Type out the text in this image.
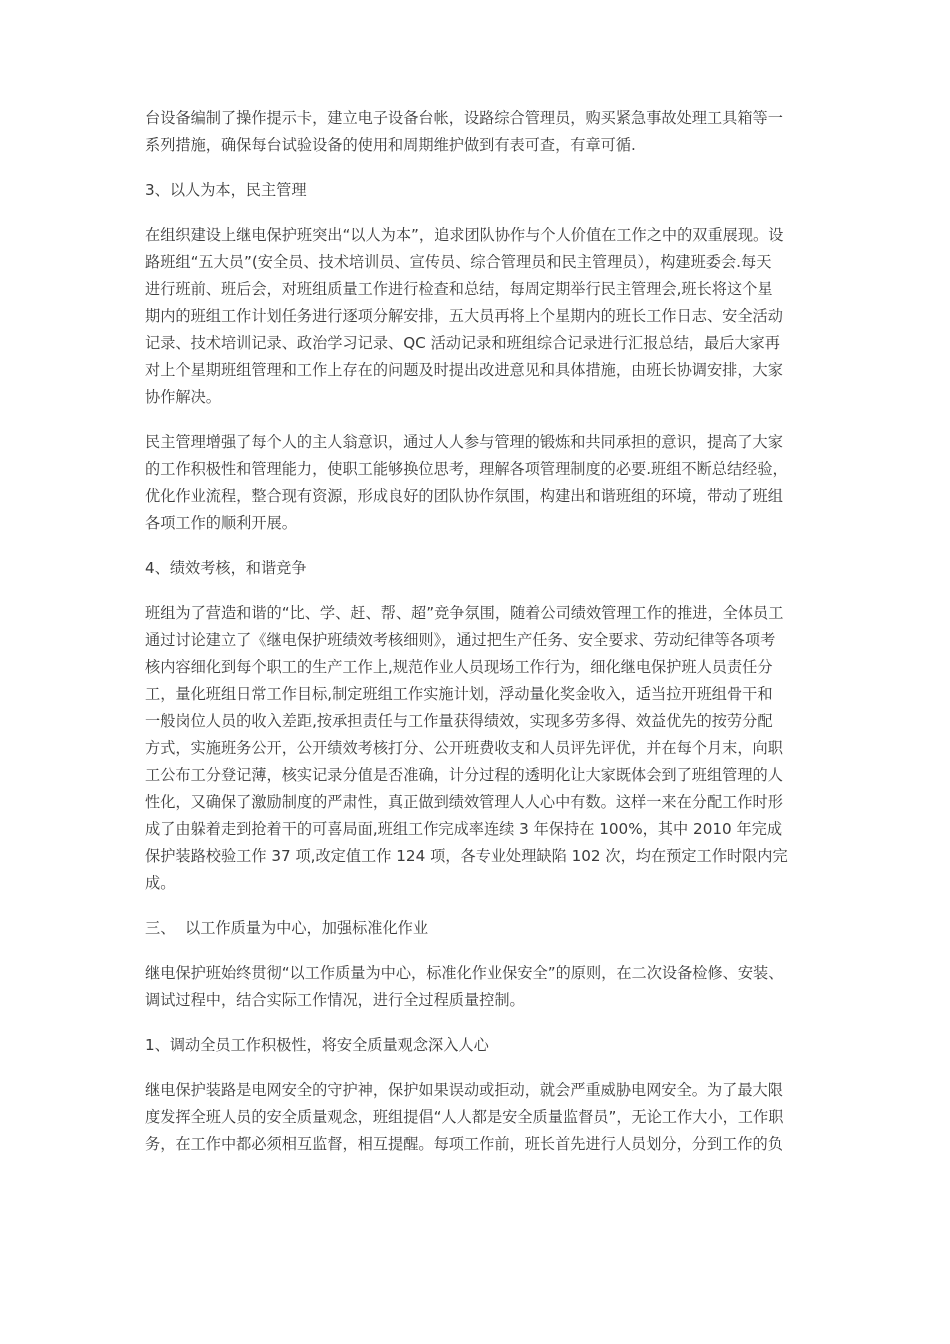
台设备编制了操作提示卡，建立电子设备台帐，设路综合管理员，购买紧急事故处理工具箱等一
系列措施，确保每台试验设备的使用和周期维护做到有表可查，有章可循.
3、以人为本，民主管理
在组织建设上继电保护班突出“以人为本”，追求团队协作与个人价值在工作之中的双重展现。设
路班组“五大员”(安全员、技术培训员、宣传员、综合管理员和民主管理员），构建班委会.每天
进行班前、班后会，对班组质量工作进行检查和总结，每周定期举行民主管理会,班长将这个星
期内的班组工作计划任务进行逐项分解安排，五大员再将上个星期内的班长工作日志、安全活动
记录、技术培训记录、政治学习记录、QC 活动记录和班组综合记录进行汇报总结，最后大家再
对上个星期班组管理和工作上存在的问题及时提出改进意见和具体措施，由班长协调安排，大家
协作解决。
民主管理增强了每个人的主人翁意识，通过人人参与管理的锻炼和共同承担的意识，提高了大家
的工作积极性和管理能力，使职工能够换位思考，理解各项管理制度的必要.班组不断总结经验，
优化作业流程，整合现有资源，形成良好的团队协作氛围，构建出和谐班组的环境，带动了班组
各项工作的顺利开展。
4、绩效考核，和谐竞争
班组为了营造和谐的“比、学、赶、帮、超”竞争氛围，随着公司绩效管理工作的推进，全体员工
通过讨论建立了《继电保护班绩效考核细则》，通过把生产任务、安全要求、劳动纪律等各项考
核内容细化到每个职工的生产工作上,规范作业人员现场工作行为，细化继电保护班人员责任分
工，量化班组日常工作目标,制定班组工作实施计划，浮动量化奖金收入，适当拉开班组骨干和
一般岗位人员的收入差距,按承担责任与工作量获得绩效，实现多劳多得、效益优先的按劳分配
方式，实施班务公开，公开绩效考核打分、公开班费收支和人员评先评优，并在每个月末，向职
工公布工分登记薄，核实记录分值是否准确，计分过程的透明化让大家既体会到了班组管理的人
性化，又确保了激励制度的严肃性，真正做到绩效管理人人心中有数。这样一来在分配工作时形
成了由躲着走到抢着干的可喜局面,班组工作完成率连续 3 年保持在 100%，其中 2010 年完成
保护装路校验工作 37 项,改定值工作 124 项，各专业处理缺陷 102 次，均在预定工作时限内完
成。
三、  以工作质量为中心，加强标准化作业
继电保护班始终贯彻“以工作质量为中心，标准化作业保安全”的原则，在二次设备检修、安装、
调试过程中，结合实际工作情况，进行全过程质量控制。
1、调动全员工作积极性，将安全质量观念深入人心
继电保护装路是电网安全的守护神，保护如果误动或拒动，就会严重威胁电网安全。为了最大限
度发挥全班人员的安全质量观念，班组提倡“人人都是安全质量监督员”，无论工作大小，工作职
务，在工作中都必须相互监督，相互提醒。每项工作前，班长首先进行人员划分，分到工作的负
